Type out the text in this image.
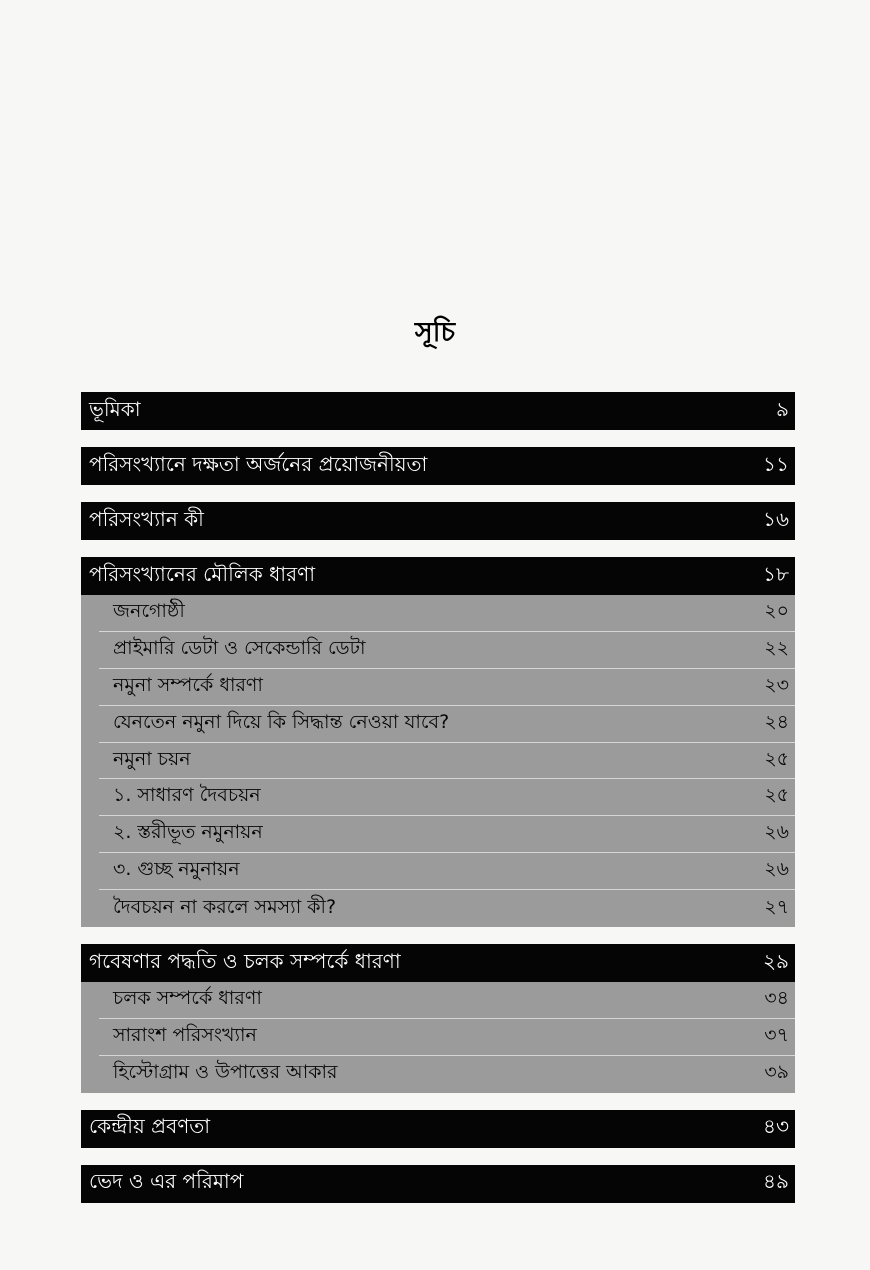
সূচি
ভূমিকা	৯
পরিসংখ্যানে দক্ষতা অর্জনের প্রয়োজনীয়তা	১১
পরিসংখ্যান কী	১৬
পরিসংখ্যানের মৌলিক ধারণা	১৮
জনগোষ্ঠী	২০
প্রাইমারি ডেটা ও সেকেন্ডারি ডেটা	২২
নমুনা সম্পর্কে ধারণা	২৩
যেনতেন নমুনা দিয়ে কি সিদ্ধান্ত নেওয়া যাবে?	২৪
নমুনা চয়ন	২৫
১. সাধারণ দৈবচয়ন	২৫
২. স্তরীভূত নমুনায়ন	২৬
৩. গুচ্ছ নমুনায়ন	২৬
দৈবচয়ন না করলে সমস্যা কী?	২৭
গবেষণার পদ্ধতি ও চলক সম্পর্কে ধারণা	২৯
চলক সম্পর্কে ধারণা	৩৪
সারাংশ পরিসংখ্যান	৩৭
হিস্টোগ্রাম ও উপাত্তের আকার	৩৯
কেন্দ্রীয় প্রবণতা	৪৩
ভেদ ও এর পরিমাপ	৪৯
